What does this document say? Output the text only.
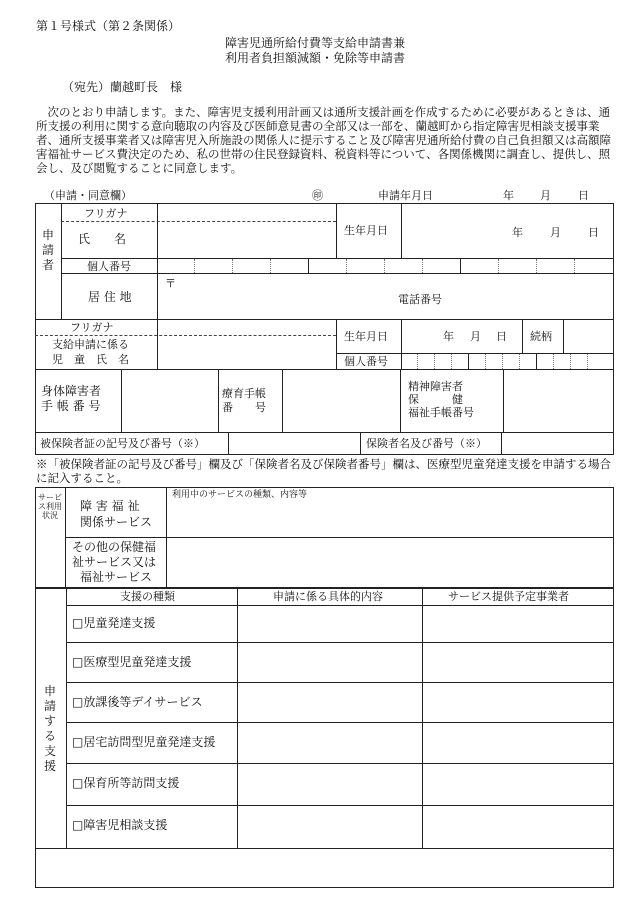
第１号様式（第２条関係）
障害児通所給付費等支給申請書兼
利用者負担額減額・免除等申請書
（宛先）蘭越町長　様
次のとおり申請します。また、障害児支援利用計画又は通所支援計画を作成するために必要があるときは、通所支援の利用に関する意向聴取の内容及び医師意見書の全部又は一部を、蘭越町から指定障害児相談支援事業者、通所支援事業者又は障害児入所施設の関係人に提示すること及び障害児通所給付費の自己負担額又は高額障害福祉サービス費決定のため、私の世帯の住民登録資料、税資料等について、各関係機関に調査し、提供し、照会し、及び閲覧することに同意します。
（申請・同意欄）	㊞	申請年月日	年 月 日
申請者
フリガナ
氏　　名
生年月日	年 月 日
個人番号
居 住 地
〒
電話番号
フリガナ
支給申請に係る
児　童　氏　名
生年月日	年 月 日 続柄
個人番号
身体障害者
手 帳 番 号
療育手帳
番　　号
精神障害者
保　　　健
福祉手帳番号
被保険者証の記号及び番号（※）	保険者名及び番号（※）
※「被保険者証の記号及び番号」欄及び「保険者名及び保険者番号」欄は、医療型児童発達支援を申請する場合に記入すること。
サービス利用状況
障 害 福 祉
関係サービス
利用中のサービスの種類、内容等
その他の保健福
祉サービス又は
福祉サービス
申請する支援
支援の種類	申請に係る具体的内容	サービス提供予定事業者
□児童発達支援
□医療型児童発達支援
□放課後等デイサービス
□居宅訪問型児童発達支援
□保育所等訪問支援
□障害児相談支援
